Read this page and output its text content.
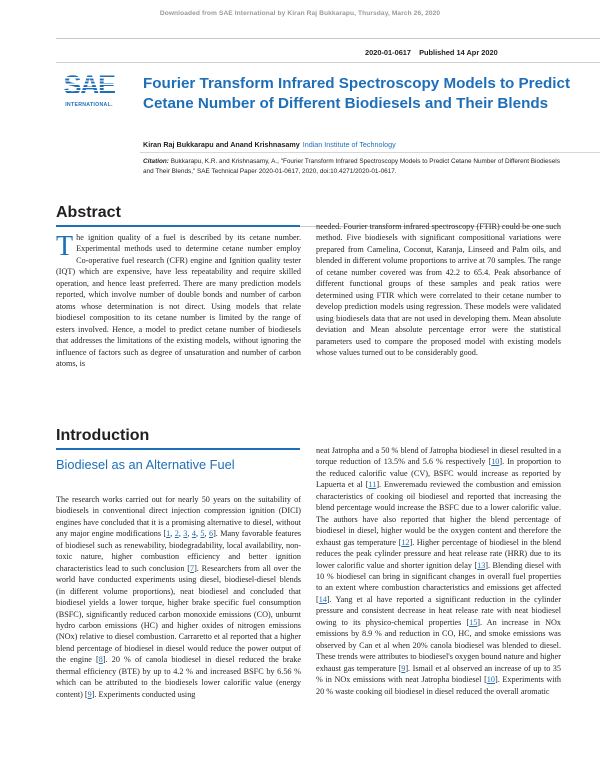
Downloaded from SAE International by Kiran Raj Bukkarapu, Thursday, March 26, 2020
2020-01-0617 Published 14 Apr 2020
SAE
INTERNATIONAL.
Fourier Transform Infrared Spectroscopy Models to Predict Cetane Number of Different Biodiesels and Their Blends
Kiran Raj Bukkarapu and Anand Krishnasamy Indian Institute of Technology
Citation: Bukkarapu, K.R. and Krishnasamy, A., "Fourier Transform Infrared Spectroscopy Models to Predict Cetane Number of Different Biodiesels and Their Blends," SAE Technical Paper 2020-01-0617, 2020, doi:10.4271/2020-01-0617.
Abstract
The ignition quality of a fuel is described by its cetane number. Experimental methods used to determine cetane number employ Co-operative fuel research (CFR) engine and Ignition quality tester (IQT) which are expensive, have less repeatability and require skilled operation, and hence least preferred. There are many prediction models reported, which involve number of double bonds and number of carbon atoms whose determination is not direct. Using models that relate biodiesel composition to its cetane number is limited by the range of esters involved. Hence, a model to predict cetane number of biodiesels that addresses the limitations of the existing models, without ignoring the influence of factors such as degree of unsaturation and number of carbon atoms, is
needed. Fourier transform infrared spectroscopy (FTIR) could be one such method. Five biodiesels with significant compositional variations were prepared from Camelina, Coconut, Karanja, Linseed and Palm oils, and blended in different volume proportions to arrive at 70 samples. The range of cetane number covered was from 42.2 to 65.4. Peak absorbance of different functional groups of these samples and peak ratios were determined using FTIR which were correlated to their cetane number to develop prediction models using regression. These models were validated using biodiesels data that are not used in developing them. Mean absolute deviation and Mean absolute percentage error were the statistical parameters used to compare the proposed model with existing models whose values turned out to be considerably good.
Introduction
Biodiesel as an Alternative Fuel
The research works carried out for nearly 50 years on the suitability of biodiesels in conventional direct injection compression ignition (DICI) engines have concluded that it is a promising alternative to diesel, without any major engine modifications [1, 2, 3, 4, 5, 6]. Many favorable features of biodiesel such as renewability, biodegradability, local availability, non-toxic nature, higher combustion efficiency and better ignition characteristics lead to such conclusion [7]. Researchers from all over the world have conducted experiments using diesel, biodiesel-diesel blends (in different volume proportions), neat biodiesel and concluded that biodiesel yields a lower torque, higher brake specific fuel consumption (BSFC), significantly reduced carbon monoxide emissions (CO), unburnt hydro carbon emissions (HC) and higher oxides of nitrogen emissions (NOx) relative to diesel combustion. Carraretto et al reported that a higher blend percentage of biodiesel in diesel would reduce the power output of the engine [8]. 20 % of canola biodiesel in diesel reduced the brake thermal efficiency (BTE) by up to 4.2 % and increased BSFC by 6.56 % which can be attributed to the biodiesels lower calorific value (energy content) [9]. Experiments conducted using
neat Jatropha and a 50 % blend of Jatropha biodiesel in diesel resulted in a torque reduction of 13.5% and 5.6 % respectively [10]. In proportion to the reduced calorific value (CV), BSFC would increase as reported by Lapuerta et al [11]. Enweremadu reviewed the combustion and emission characteristics of cooking oil biodiesel and reported that increasing the blend percentage would increase the BSFC due to a lower calorific value. The authors have also reported that higher the blend percentage of biodiesel in diesel, higher would be the oxygen content and therefore the exhaust gas temperature [12]. Higher percentage of biodiesel in the blend reduces the peak cylinder pressure and heat release rate (HRR) due to its lower calorific value and shorter ignition delay [13]. Blending diesel with 10 % biodiesel can bring in significant changes in overall fuel properties to an extent where combustion characteristics and emissions get affected [14]. Yang et al have reported a significant reduction in the cylinder pressure and consistent decrease in heat release rate with neat biodiesel owing to its physico-chemical properties [15]. An increase in NOx emissions by 8.9 % and reduction in CO, HC, and smoke emissions was observed by Can et al when 20% canola biodiesel was blended to diesel. These trends were attributes to biodiesel's oxygen bound nature and higher exhaust gas temperature [9]. Ismail et al observed an increase of up to 35 % in NOx emissions with neat Jatropha biodiesel [10]. Experiments with 20 % waste cooking oil biodiesel in diesel reduced the overall aromatic
